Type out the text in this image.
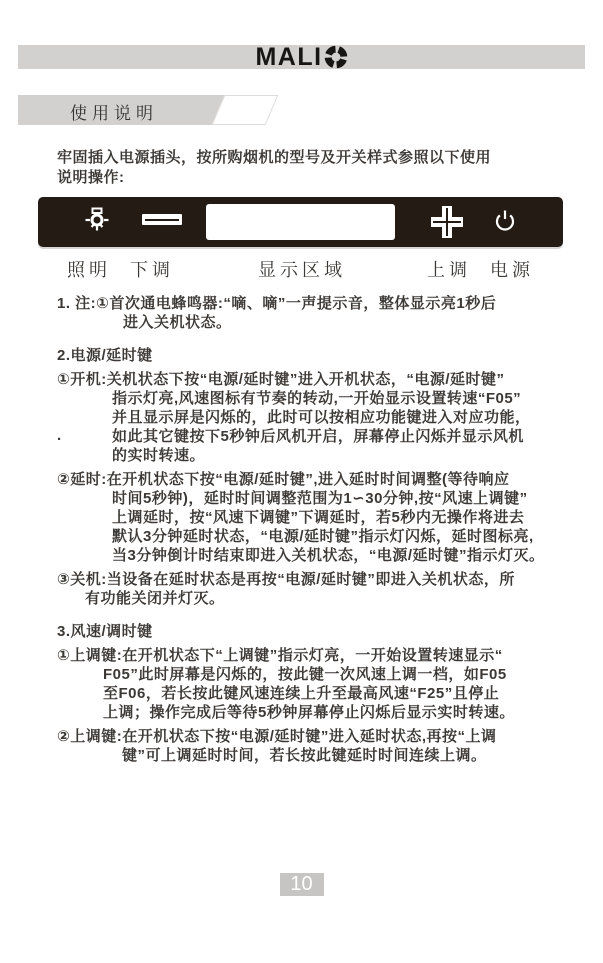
MALI
使用说明
牢固插入电源插头，按所购烟机的型号及开关样式参照以下使用
说明操作:
照明 下调	显示区域	上调 电源
1. 注:①首次通电蜂鸣器:“嘀、嘀”一声提示音，整体显示亮1秒后
进入关机状态。
2.电源/延时键
.
①开机:关机状态下按“电源/延时键”进入开机状态，“电源/延时键”
指示灯亮,风速图标有节奏的转动,一开始显示设置转速“F05”
并且显示屏是闪烁的，此时可以按相应功能键进入对应功能，
如此其它键按下5秒钟后风机开启，屏幕停止闪烁并显示风机
的实时转速。
②延时:在开机状态下按“电源/延时键”,进入延时时间调整(等待响应
时间5秒钟)，延时时间调整范围为1∽30分钟,按“风速上调键”
上调延时，按“风速下调键”下调延时，若5秒内无操作将进去
默认3分钟延时状态，“电源/延时键”指示灯闪烁，延时图标亮,
当3分钟倒计时结束即进入关机状态，“电源/延时键”指示灯灭。
③关机:当设备在延时状态是再按“电源/延时键”即进入关机状态，所
有功能关闭并灯灭。
3.风速/调时键
①上调键:在开机状态下“上调键”指示灯亮，一开始设置转速显示“
F05”此时屏幕是闪烁的，按此键一次风速上调一档，如F05
至F06，若长按此键风速连续上升至最高风速“F25”且停止
上调；操作完成后等待5秒钟屏幕停止闪烁后显示实时转速。
②上调键:在开机状态下按“电源/延时键”进入延时状态,再按“上调
键”可上调延时时间，若长按此键延时时间连续上调。
10
